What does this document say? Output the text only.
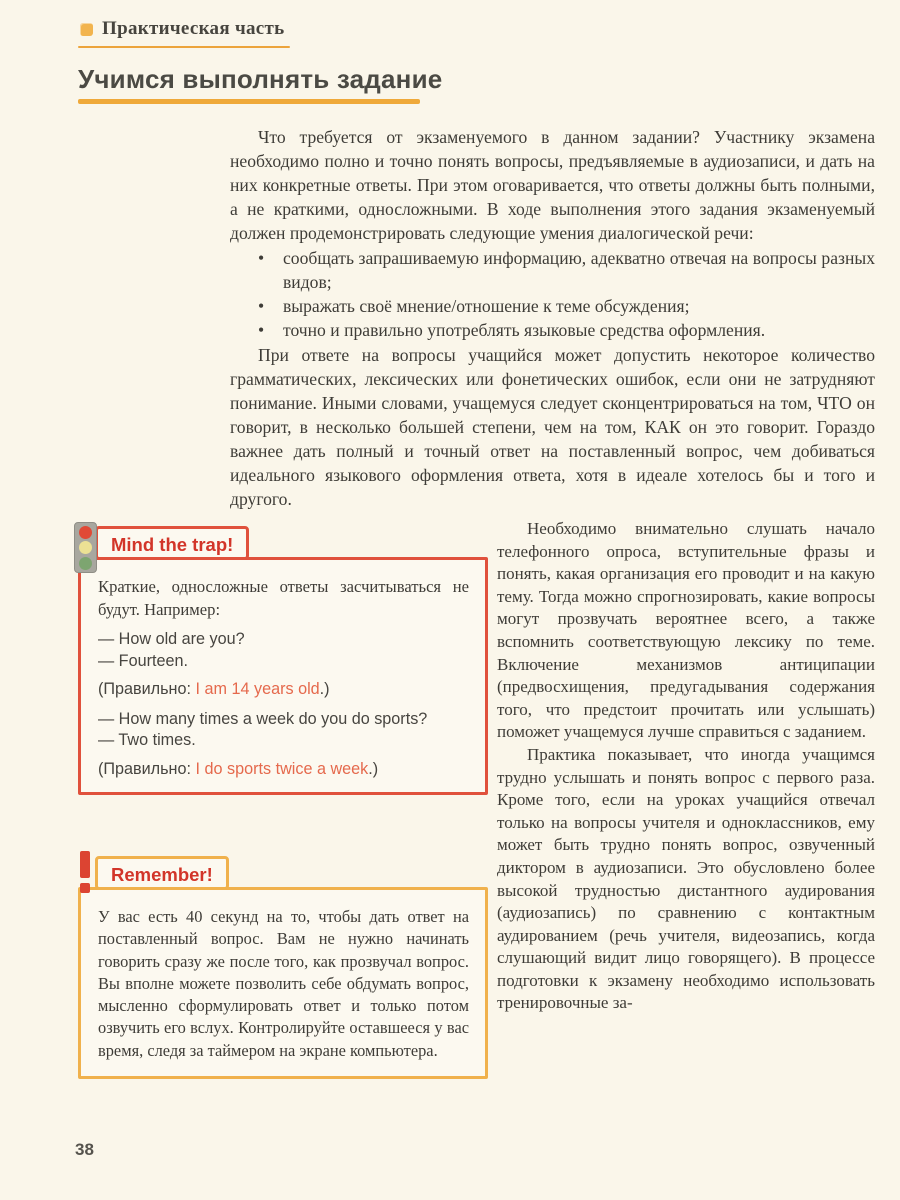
Практическая часть
Учимся выполнять задание

Что требуется от экзаменуемого в данном задании? Участнику экзамена необходимо полно и точно понять вопросы, предъявляемые в аудиозаписи, и дать на них конкретные ответы. При этом оговаривается, что ответы должны быть полными, а не краткими, односложными. В ходе выполнения этого задания экзаменуемый должен продемонстрировать следующие умения диалогической речи:

• сообщать запрашиваемую информацию, адекватно отвечая на вопросы разных видов;
• выражать своё мнение/отношение к теме обсуждения;
• точно и правильно употреблять языковые средства оформления.

При ответе на вопросы учащийся может допустить некоторое количество грамматических, лексических или фонетических ошибок, если они не затрудняют понимание. Иными словами, учащемуся следует сконцентрироваться на том, ЧТО он говорит, в несколько большей степени, чем на том, КАК он это говорит. Гораздо важнее дать полный и точный ответ на поставленный вопрос, чем добиваться идеального языкового оформления ответа, хотя в идеале хотелось бы и того и другого.

Mind the trap!

Краткие, односложные ответы засчитываться не будут. Например:

— How old are you?

— Fourteen.

(Правильно: I am 14 years old.)

— How many times a week do you do sports?

— Two times.

(Правильно: I do sports twice a week.)

Remember!

У вас есть 40 секунд на то, чтобы дать ответ на поставленный вопрос. Вам не нужно начинать говорить сразу же после того, как прозвучал вопрос. Вы вполне можете позволить себе обдумать вопрос, мысленно сформулировать ответ и только потом озвучить его вслух. Контролируйте оставшееся у вас время, следя за таймером на экране компьютера.

Необходимо внимательно слушать начало телефонного опроса, вступительные фразы и понять, какая организация его проводит и на какую тему. Тогда можно спрогнозировать, какие вопросы могут прозвучать вероятнее всего, а также вспомнить соответствующую лексику по теме. Включение механизмов антиципации (предвосхищения, предугадывания содержания того, что предстоит прочитать или услышать) поможет учащемуся лучше справиться с заданием.

Практика показывает, что иногда учащимся трудно услышать и понять вопрос с первого раза. Кроме того, если на уроках учащийся отвечал только на вопросы учителя и одноклассников, ему может быть трудно понять вопрос, озвученный диктором в аудиозаписи. Это обусловлено более высокой трудностью дистантного аудирования (аудиозапись) по сравнению с контактным аудированием (речь учителя, видеозапись, когда слушающий видит лицо говорящего). В процессе подготовки к экзамену необходимо использовать тренировочные за-

38
